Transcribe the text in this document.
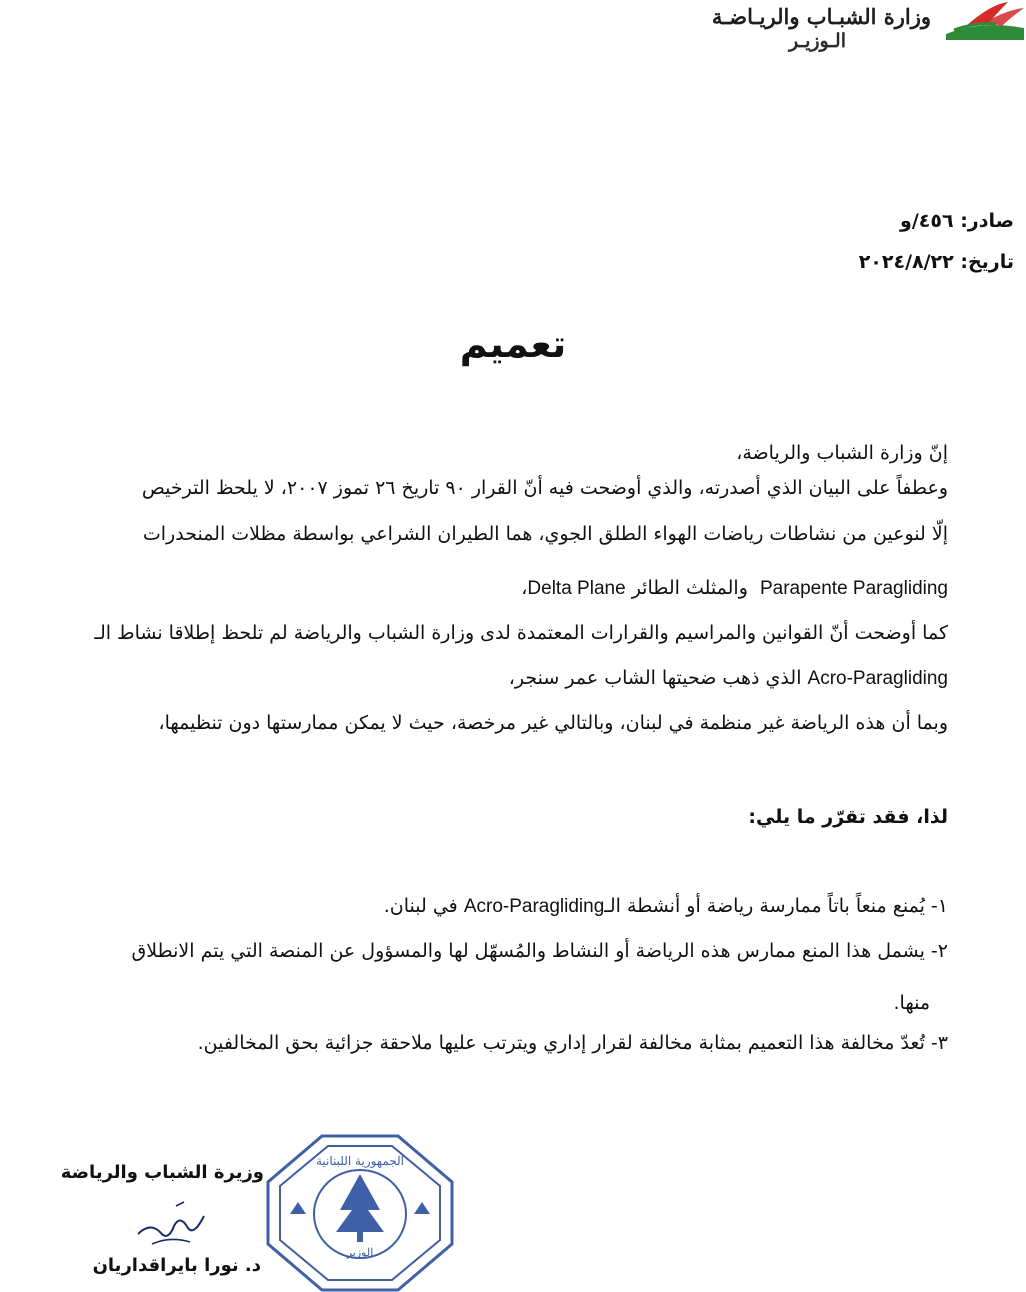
وزارة الشبـاب والريـاضـة
الـوزيـر
صادر: ٤٥٦/و
تاريخ: ٢٠٢٤/٨/٢٢
تعميم
إنّ وزارة الشباب والرياضة،
وعطفاً على البيان الذي أصدرته، والذي أوضحت فيه أنّ القرار ٩٠ تاريخ ٢٦ تموز ٢٠٠٧، لا يلحظ الترخيص
إلّا لنوعين من نشاطات رياضات الهواء الطلق الجوي، هما الطيران الشراعي بواسطة مظلات المنحدرات
Parapente Paragliding  والمثلث الطائر Delta Plane،
كما أوضحت أنّ القوانين والمراسيم والقرارات المعتمدة لدى وزارة الشباب والرياضة لم تلحظ إطلاقا نشاط الـ
Acro-Paragliding الذي ذهب ضحيتها الشاب عمر سنجر،
وبما أن هذه الرياضة غير منظمة في لبنان، وبالتالي غير مرخصة، حيث لا يمكن ممارستها دون تنظيمها،
لذا، فقد تقرّر ما يلي:
١- يُمنع منعاً باتاً ممارسة رياضة أو أنشطة الـAcro-Paragliding في لبنان.
٢- يشمل هذا المنع ممارس هذه الرياضة أو النشاط والمُسهّل لها والمسؤول عن المنصة التي يتم الانطلاق
منها.
٣- تُعدّ مخالفة هذا التعميم بمثابة مخالفة لقرار إداري ويترتب عليها ملاحقة جزائية بحق المخالفين.
وزيرة الشباب والرياضة
د. نورا بايراقداريان
الوزير
الجمهورية اللبنانية
